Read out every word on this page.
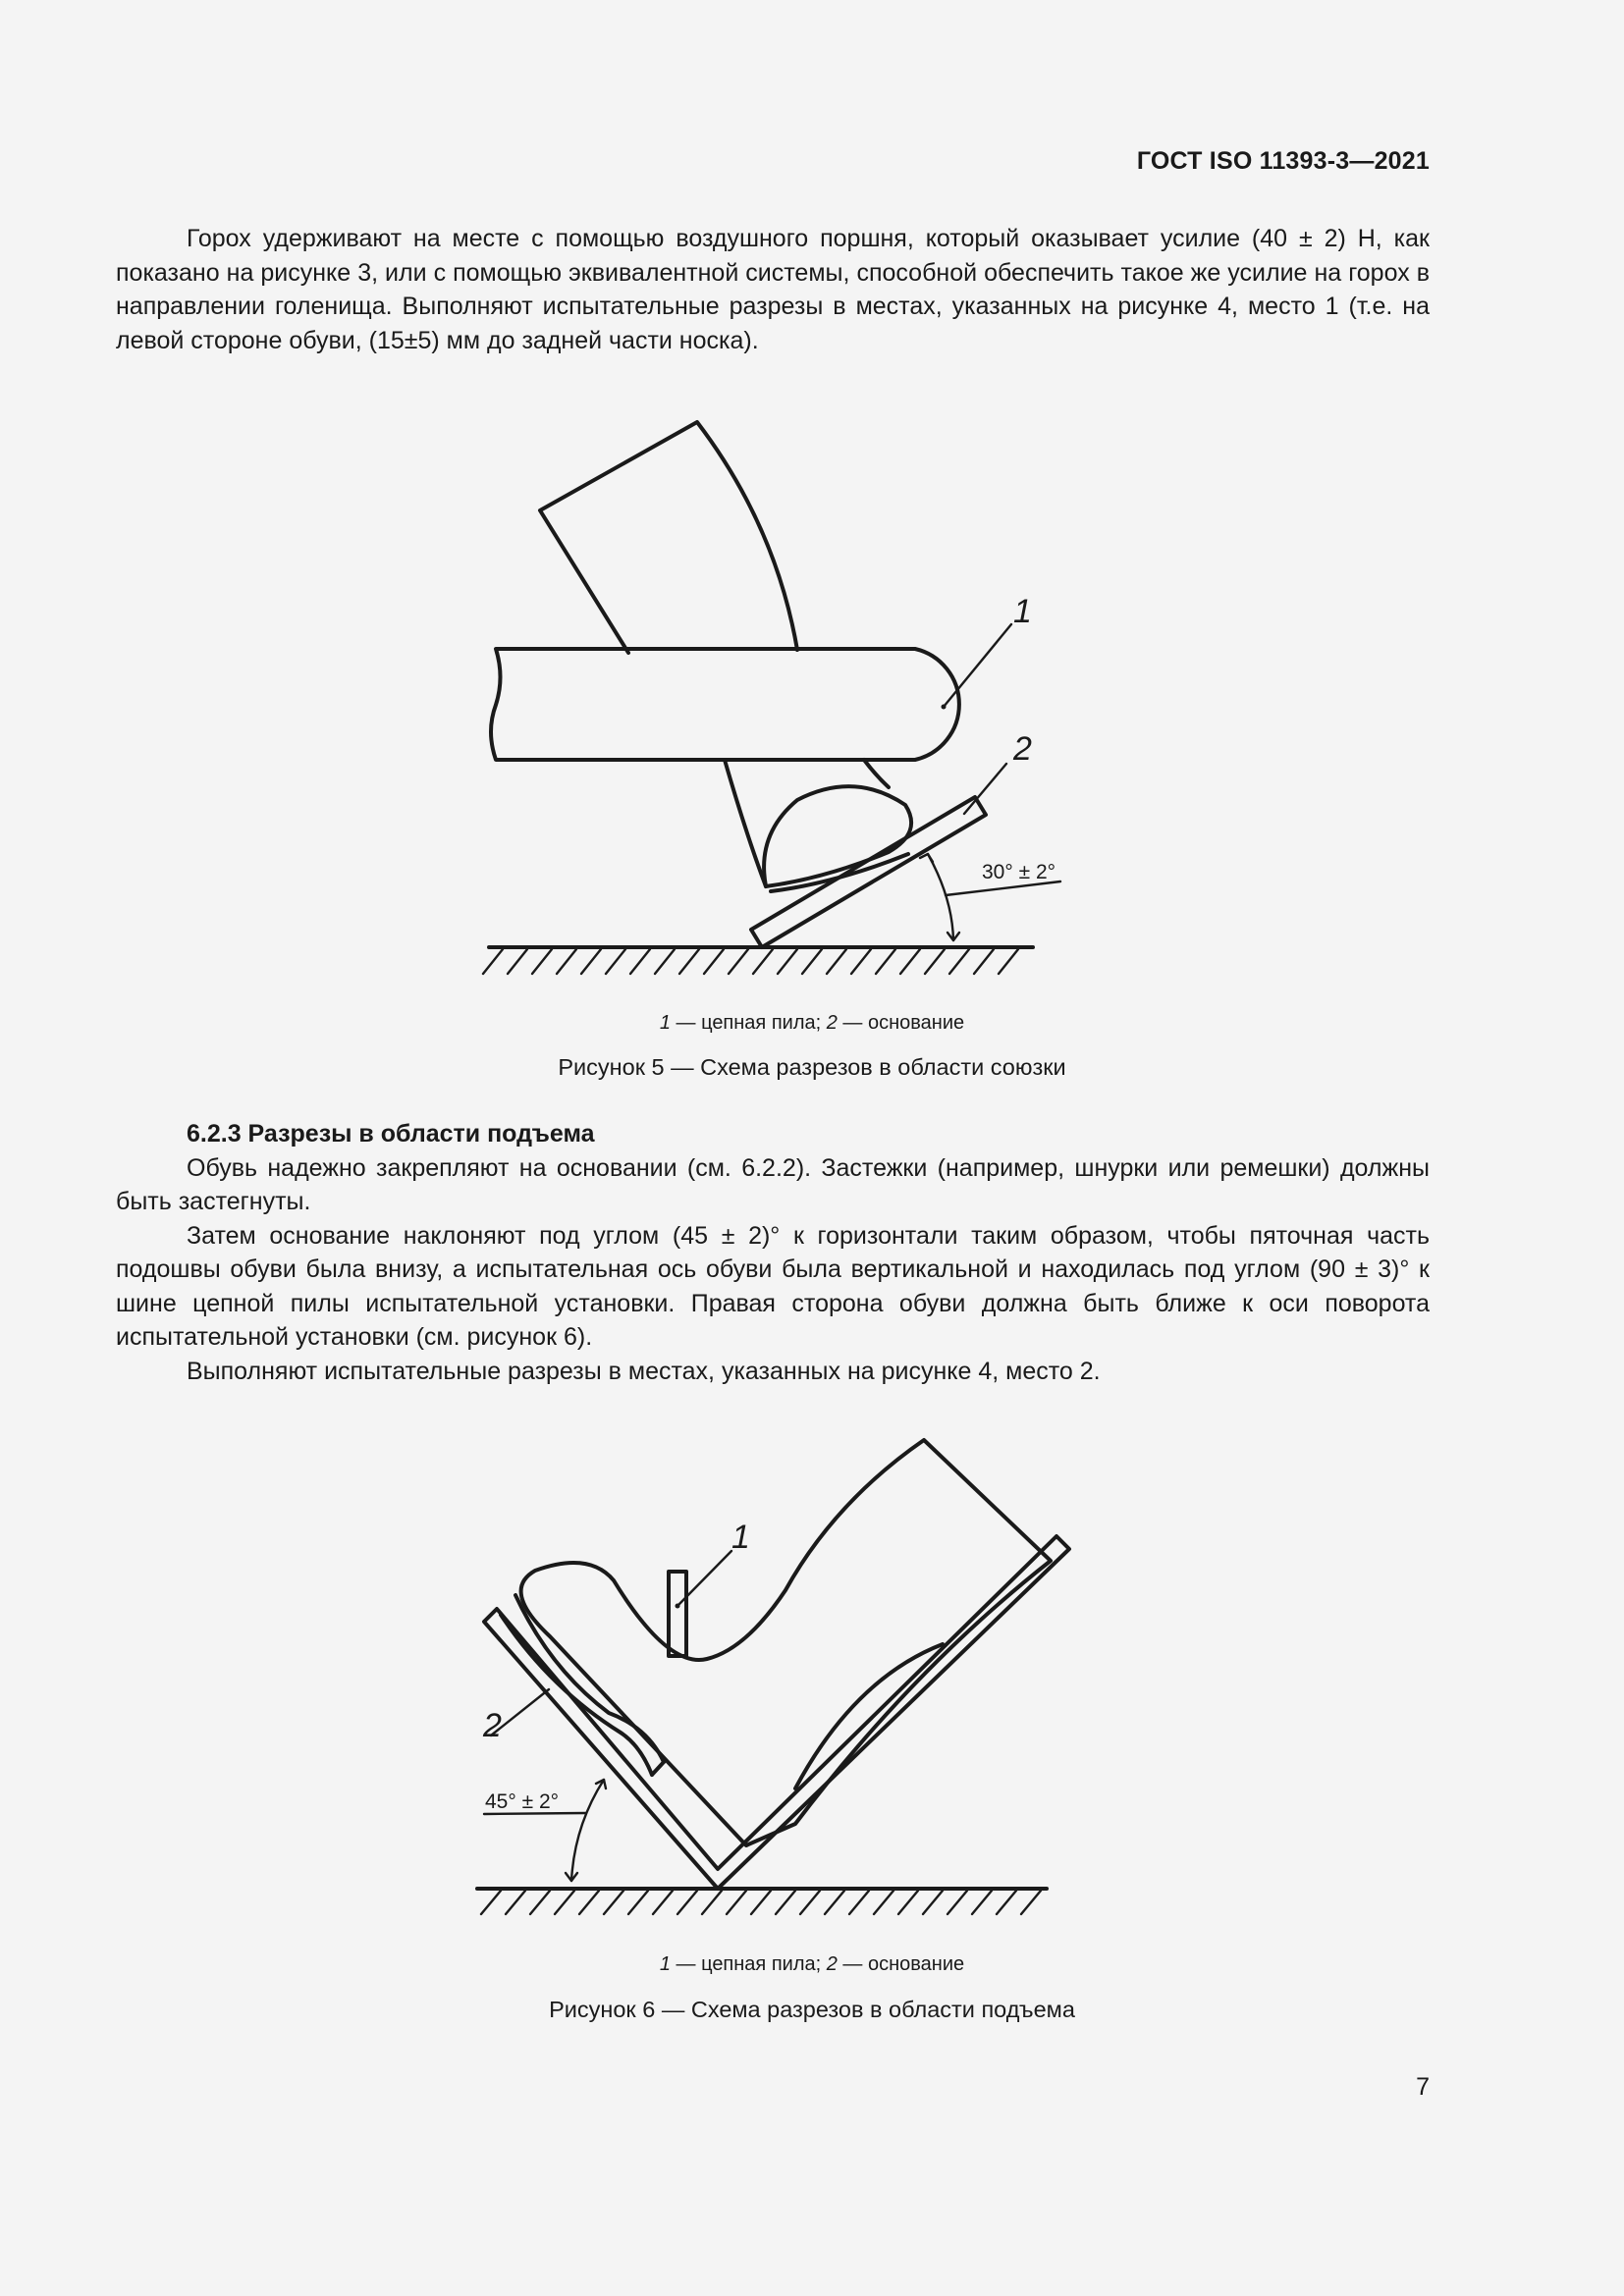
ГОСТ ISO 11393-3—2021

Горох удерживают на месте с помощью воздушного поршня, который оказывает усилие (40 ± 2) Н, как показано на рисунке 3, или с помощью эквивалентной системы, способной обеспечить такое же усилие на горох в направлении голенища. Выполняют испытательные разрезы в местах, указанных на рисунке 4, место 1 (т.е. на левой стороне обуви, (15±5) мм до задней части носка).

1
2
30° ± 2°
1 — цепная пила; 2 — основание
Рисунок 5 — Схема разрезов в области союзки

6.2.3 Разрезы в области подъема

Обувь надежно закрепляют на основании (см. 6.2.2). Застежки (например, шнурки или ремешки) должны быть застегнуты.

Затем основание наклоняют под углом (45 ± 2)° к горизонтали таким образом, чтобы пяточная часть подошвы обуви была внизу, а испытательная ось обуви была вертикальной и находилась под углом (90 ± 3)° к шине цепной пилы испытательной установки. Правая сторона обуви должна быть ближе к оси поворота испытательной установки (см. рисунок 6).

Выполняют испытательные разрезы в местах, указанных на рисунке 4, место 2.

1
2
45° ± 2°
1 — цепная пила; 2 — основание
Рисунок 6 — Схема разрезов в области подъема
7
